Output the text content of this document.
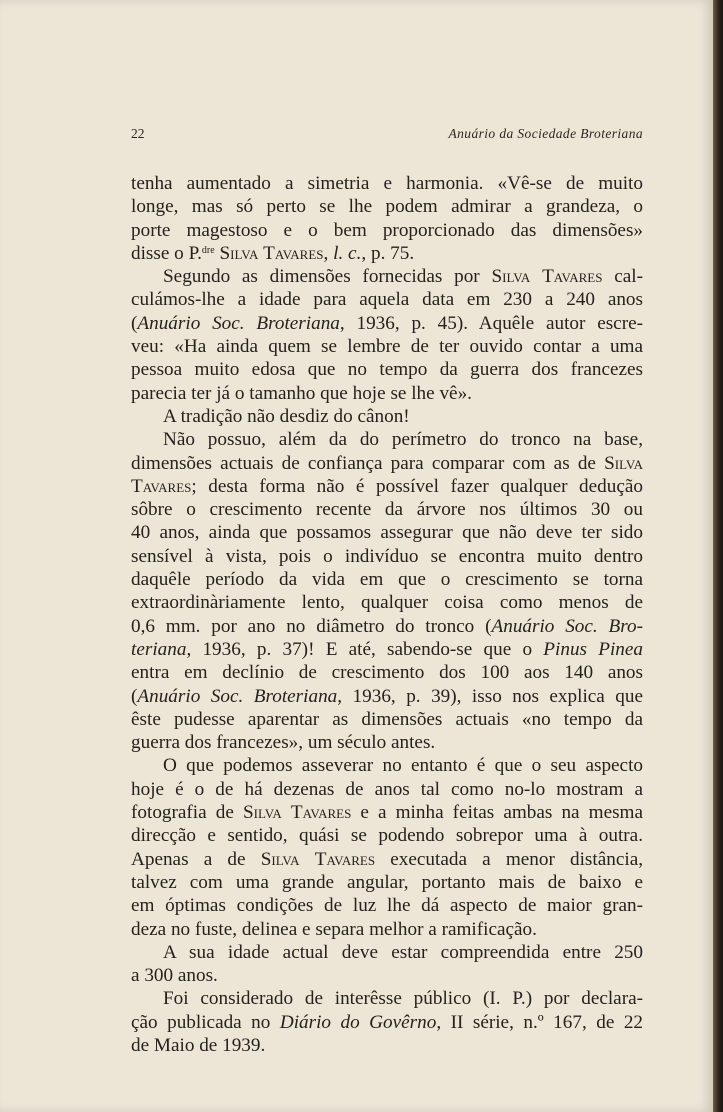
22	Anuário da Sociedade Broteriana
tenha aumentado a simetria e harmonia. «Vê-se de muito
longe, mas só perto se lhe podem admirar a grandeza, o
porte magestoso e o bem proporcionado das dimensões»
disse o P.$^{dre}$ Silva Tavares, l. c., p. 75.
Segundo as dimensões fornecidas por Silva Tavares cal-
culámos-lhe a idade para aquela data em 230 a 240 anos
(Anuário Soc. Broteriana, 1936, p. 45). Aquêle autor escre-
veu: «Ha ainda quem se lembre de ter ouvido contar a uma
pessoa muito edosa que no tempo da guerra dos francezes
parecia ter já o tamanho que hoje se lhe vê».
A tradição não desdiz do cânon!
Não possuo, além da do perímetro do tronco na base,
dimensões actuais de confiança para comparar com as de Silva
Tavares; desta forma não é possível fazer qualquer dedução
sôbre o crescimento recente da árvore nos últimos 30 ou
40 anos, ainda que possamos assegurar que não deve ter sido
sensível à vista, pois o indivíduo se encontra muito dentro
daquêle período da vida em que o crescimento se torna
extraordinàriamente lento, qualquer coisa como menos de
0,6 mm. por ano no diâmetro do tronco (Anuário Soc. Bro-
teriana, 1936, p. 37)! E até, sabendo-se que o Pinus Pinea
entra em declínio de crescimento dos 100 aos 140 anos
(Anuário Soc. Broteriana, 1936, p. 39), isso nos explica que
êste pudesse aparentar as dimensões actuais «no tempo da
guerra dos francezes», um século antes.
O que podemos asseverar no entanto é que o seu aspecto
hoje é o de há dezenas de anos tal como no-lo mostram a
fotografia de Silva Tavares e a minha feitas ambas na mesma
direcção e sentido, quási se podendo sobrepor uma à outra.
Apenas a de Silva Tavares executada a menor distância,
talvez com uma grande angular, portanto mais de baixo e
em óptimas condições de luz lhe dá aspecto de maior gran-
deza no fuste, delinea e separa melhor a ramificação.
A sua idade actual deve estar compreendida entre 250
a 300 anos.
Foi considerado de interêsse público (I. P.) por declara-
ção publicada no Diário do Govêrno, II série, n.º 167, de 22
de Maio de 1939.
